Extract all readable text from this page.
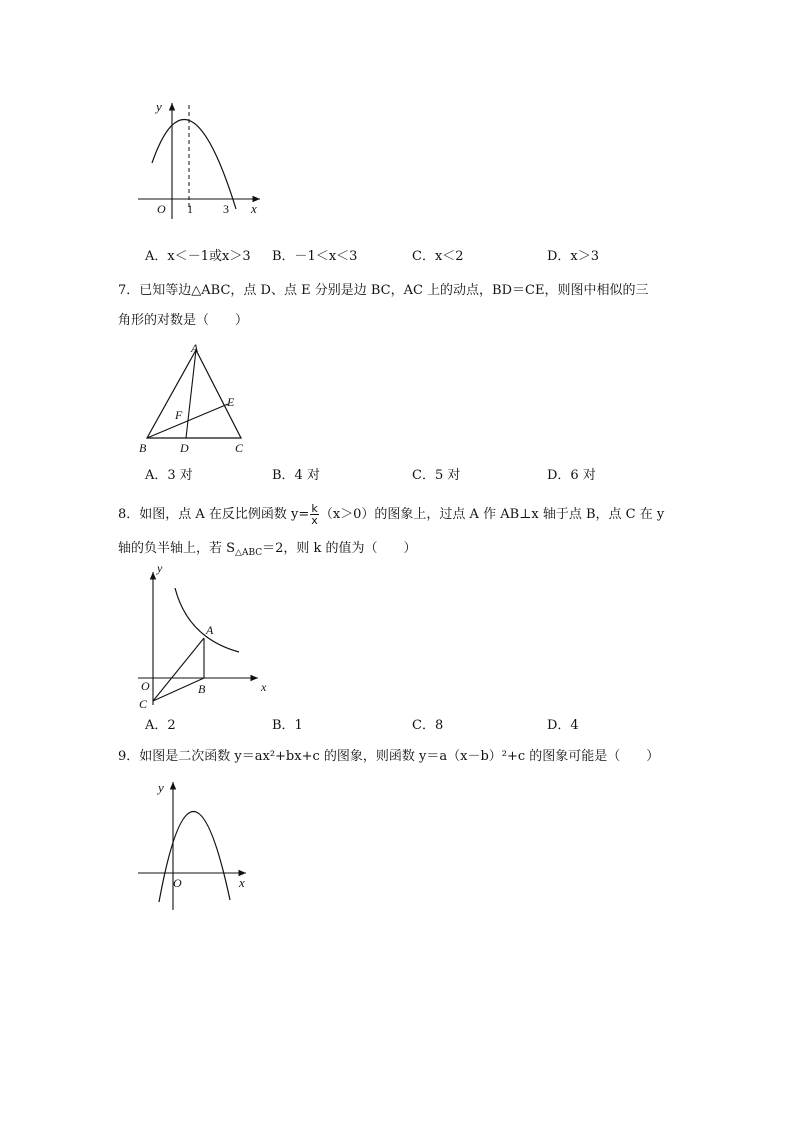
y
O 1	3 x
A．x＜－1或x＞3 B．－1＜x＜3	C．x＜2	D．x＞3
7．已知等边△ABC，点 D、点 E 分别是边 BC，AC 上的动点，BD＝CE，则图中相似的三
角形的对数是（　　）
A
B	C
D
E
F
A．3 对	B．4 对	C．5 对	D．6 对
8．如图，点 A 在反比例函数 $y= \frac{k}{x} (x>0)$的图象上，过点 A 作 AB⊥x 轴于点 B，点 C 在 y
轴的负半轴上，若 $S_{\triangle ABC}=2$，则 k 的值为（　　）
y
x
A
B
O
C
A．2	B．1	C．8	D．4
9．如图是二次函数 y＝ax²+bx+c 的图象，则函数 y＝a（x－b）²+c 的图象可能是（　　）
y
O	x
